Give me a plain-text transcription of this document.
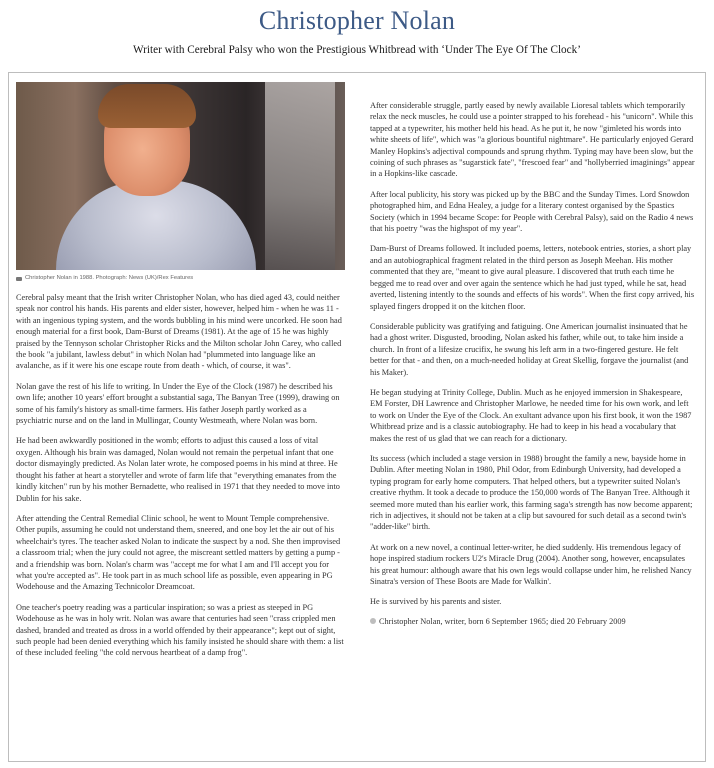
Christopher Nolan
Writer with Cerebral Palsy who won the Prestigious Whitbread with ‘Under The Eye Of The Clock’
Christopher Nolan in 1988. Photograph: News (UK)/Rex Features

Cerebral palsy meant that the Irish writer Christopher Nolan, who has died aged 43, could neither speak nor control his hands. His parents and elder sister, however, helped him - when he was 11 - with an ingenious typing system, and the words bubbling in his mind were uncorked. He soon had enough material for a first book, Dam-Burst of Dreams (1981). At the age of 15 he was highly praised by the Tennyson scholar Christopher Ricks and the Milton scholar John Carey, who called the book "a jubilant, lawless debut" in which Nolan had "plummeted into language like an avalanche, as if it were his one escape route from death - which, of course, it was".

Nolan gave the rest of his life to writing. In Under the Eye of the Clock (1987) he described his own life; another 10 years' effort brought a substantial saga, The Banyan Tree (1999), drawing on some of his family's history as small-time farmers. His father Joseph partly worked as a psychiatric nurse and on the land in Mullingar, County Westmeath, where Nolan was born.

He had been awkwardly positioned in the womb; efforts to adjust this caused a loss of vital oxygen. Although his brain was damaged, Nolan would not remain the perpetual infant that one doctor dismayingly predicted. As Nolan later wrote, he composed poems in his mind at three. He thought his father at heart a storyteller and wrote of farm life that "everything emanates from the kindly kitchen" run by his mother Bernadette, who realised in 1971 that they needed to move into Dublin for his sake.

After attending the Central Remedial Clinic school, he went to Mount Temple comprehensive. Other pupils, assuming he could not understand them, sneered, and one boy let the air out of his wheelchair's tyres. The teacher asked Nolan to indicate the suspect by a nod. She then improvised a classroom trial; when the jury could not agree, the miscreant settled matters by getting a pump - and a friendship was born. Nolan's charm was "accept me for what I am and I'll accept you for what you're accepted as". He took part in as much school life as possible, even appearing in PG Wodehouse and the Amazing Technicolor Dreamcoat.

One teacher's poetry reading was a particular inspiration; so was a priest as steeped in PG Wodehouse as he was in holy writ. Nolan was aware that centuries had seen "crass crippled men dashed, branded and treated as dross in a world offended by their appearance"; kept out of sight, such people had been denied everything which his family insisted he should share with them: a list of these included feeling "the cold nervous heartbeat of a damp frog".

After considerable struggle, partly eased by newly available Lioresal tablets which temporarily relax the neck muscles, he could use a pointer strapped to his forehead - his "unicorn". While this tapped at a typewriter, his mother held his head. As he put it, he now "gimleted his words into white sheets of life", which was "a glorious bountiful nightmare". He particularly enjoyed Gerard Manley Hopkins's adjectival compounds and sprung rhythm. Typing may have been slow, but the coining of such phrases as "sugarstick fate", "frescoed fear" and "hollyberried imaginings" appear in a Hopkins-like cascade.

After local publicity, his story was picked up by the BBC and the Sunday Times. Lord Snowdon photographed him, and Edna Healey, a judge for a literary contest organised by the Spastics Society (which in 1994 became Scope: for People with Cerebral Palsy), said on the Radio 4 news that his poetry "was the highspot of my year".

Dam-Burst of Dreams followed. It included poems, letters, notebook entries, stories, a short play and an autobiographical fragment related in the third person as Joseph Meehan. His mother commented that they are, "meant to give aural pleasure. I discovered that truth each time he begged me to read over and over again the sentence which he had just typed, while he sat, head averted, listening intently to the sounds and effects of his words". When the first copy arrived, his splayed fingers dropped it on the kitchen floor.

Considerable publicity was gratifying and fatiguing. One American journalist insinuated that he had a ghost writer. Disgusted, brooding, Nolan asked his father, while out, to take him inside a church. In front of a lifesize crucifix, he swung his left arm in a two-fingered gesture. He felt better for that - and then, on a much-needed holiday at Great Skellig, forgave the journalist (and his Maker).

He began studying at Trinity College, Dublin. Much as he enjoyed immersion in Shakespeare, EM Forster, DH Lawrence and Christopher Marlowe, he needed time for his own work, and left to work on Under the Eye of the Clock. An exultant advance upon his first book, it won the 1987 Whitbread prize and is a classic autobiography. He had to keep in his head a vocabulary that makes the rest of us glad that we can reach for a dictionary.

Its success (which included a stage version in 1988) brought the family a new, bayside home in Dublin. After meeting Nolan in 1980, Phil Odor, from Edinburgh University, had developed a typing program for early home computers. That helped others, but a typewriter suited Nolan's creative rhythm. It took a decade to produce the 150,000 words of The Banyan Tree. Although it seemed more muted than his earlier work, this farming saga's strength has now become apparent; rich in adjectives, it should not be taken at a clip but savoured for such detail as a second twin's "adder-like" birth.

At work on a new novel, a continual letter-writer, he died suddenly. His tremendous legacy of hope inspired stadium rockers U2's Miracle Drug (2004). Another song, however, encapsulates his great humour: although aware that his own legs would collapse under him, he relished Nancy Sinatra's version of These Boots are Made for Walkin'.

He is survived by his parents and sister.

Christopher Nolan, writer, born 6 September 1965; died 20 February 2009
